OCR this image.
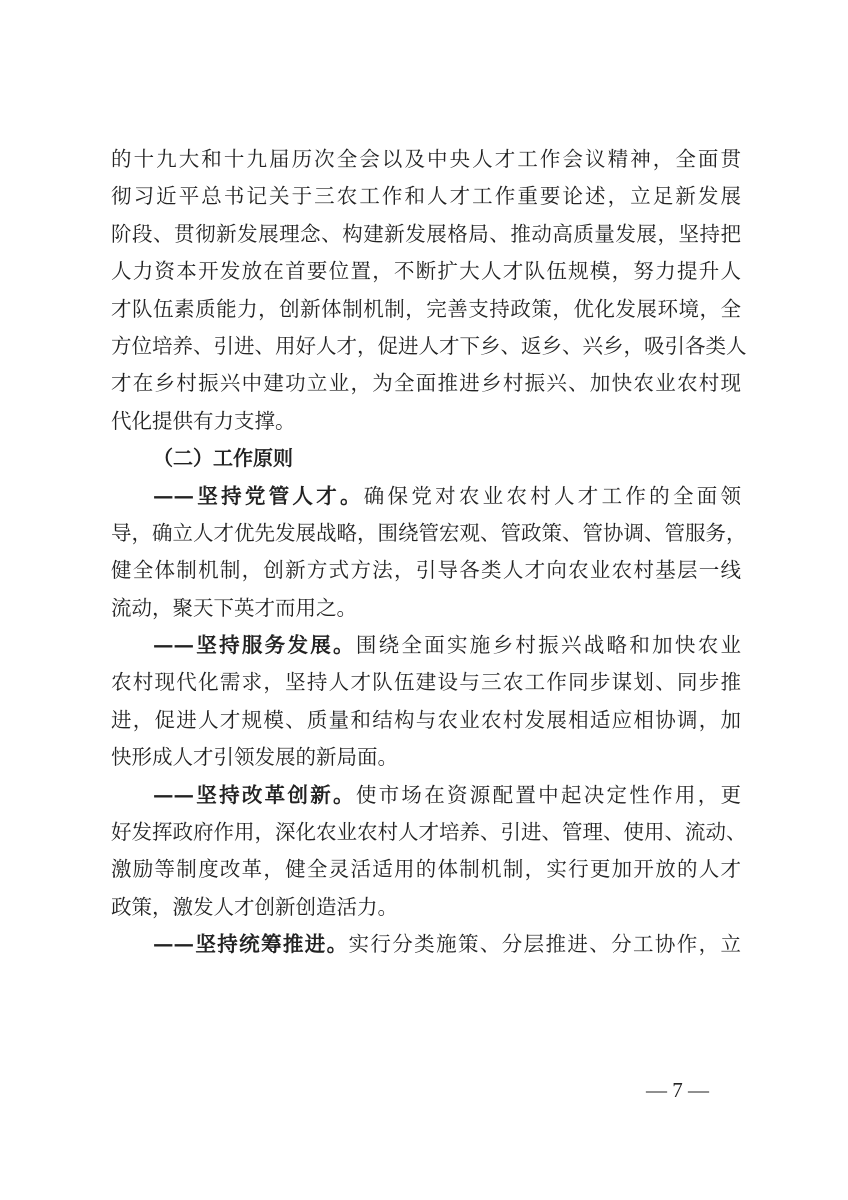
的十九大和十九届历次全会以及中央人才工作会议精神，全面贯
彻习近平总书记关于三农工作和人才工作重要论述，立足新发展
阶段、贯彻新发展理念、构建新发展格局、推动高质量发展，坚持把
人力资本开发放在首要位置，不断扩大人才队伍规模，努力提升人
才队伍素质能力，创新体制机制，完善支持政策，优化发展环境，全
方位培养、引进、用好人才，促进人才下乡、返乡、兴乡，吸引各类人
才在乡村振兴中建功立业，为全面推进乡村振兴、加快农业农村现
代化提供有力支撑。
（二）工作原则
——坚持党管人才。确保党对农业农村人才工作的全面领
导，确立人才优先发展战略，围绕管宏观、管政策、管协调、管服务，
健全体制机制，创新方式方法，引导各类人才向农业农村基层一线
流动，聚天下英才而用之。
——坚持服务发展。围绕全面实施乡村振兴战略和加快农业
农村现代化需求，坚持人才队伍建设与三农工作同步谋划、同步推
进，促进人才规模、质量和结构与农业农村发展相适应相协调，加
快形成人才引领发展的新局面。
——坚持改革创新。使市场在资源配置中起决定性作用，更
好发挥政府作用，深化农业农村人才培养、引进、管理、使用、流动、
激励等制度改革，健全灵活适用的体制机制，实行更加开放的人才
政策，激发人才创新创造活力。
——坚持统筹推进。实行分类施策、分层推进、分工协作，立
— 7 —
